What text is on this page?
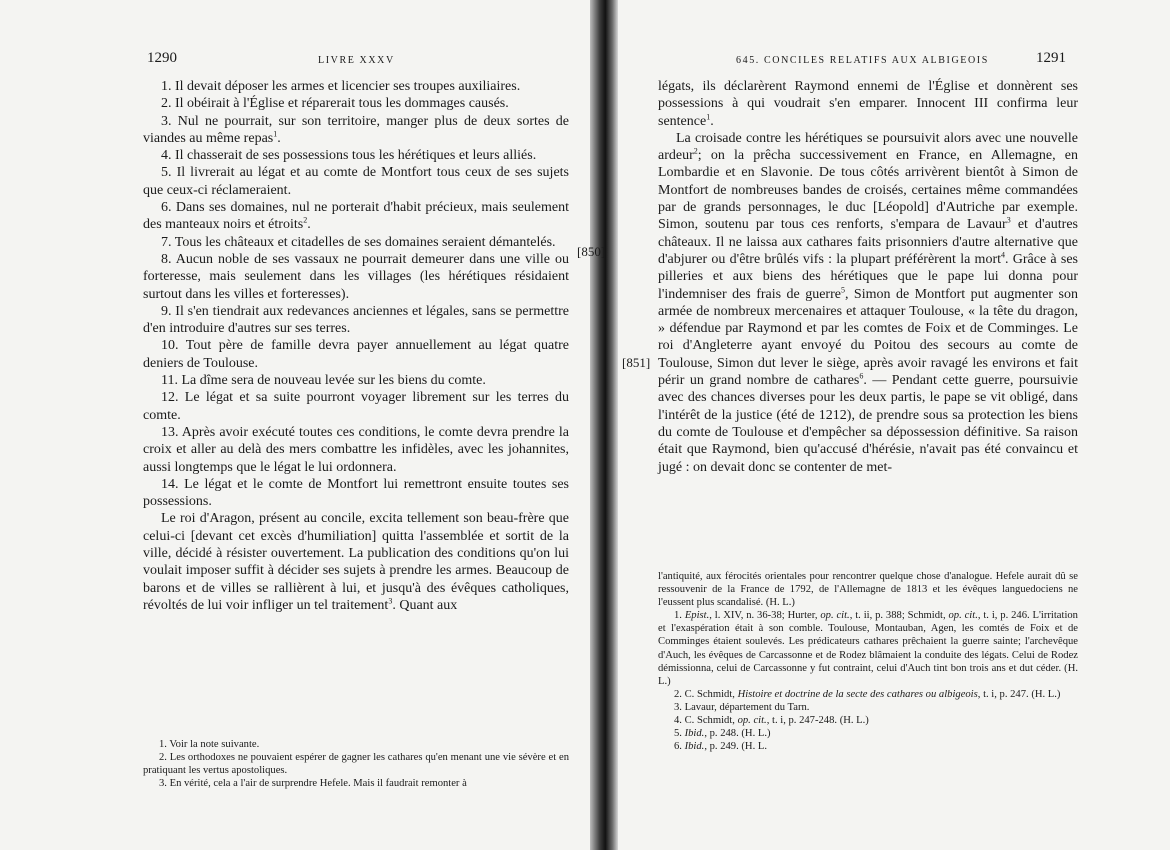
1290	LIVRE XXXV

1. Il devait déposer les armes et licencier ses troupes auxiliaires.

2. Il obéirait à l'Église et réparerait tous les dommages causés.

3. Nul ne pourrait, sur son territoire, manger plus de deux sortes de viandes au même repas$^1$.

4. Il chasserait de ses possessions tous les hérétiques et leurs alliés.

5. Il livrerait au légat et au comte de Montfort tous ceux de ses sujets que ceux-ci réclameraient.

6. Dans ses domaines, nul ne porterait d'habit précieux, mais seulement des manteaux noirs et étroits$^2$.

7. Tous les châteaux et citadelles de ses domaines seraient démantelés.

8. Aucun noble de ses vassaux ne pourrait demeurer dans une ville ou forteresse, mais seulement dans les villages (les hérétiques résidaient surtout dans les villes et forteresses).

9. Il s'en tiendrait aux redevances anciennes et légales, sans se permettre d'en introduire d'autres sur ses terres.

10. Tout père de famille devra payer annuellement au légat quatre deniers de Toulouse.

11. La dîme sera de nouveau levée sur les biens du comte.

12. Le légat et sa suite pourront voyager librement sur les terres du comte.

13. Après avoir exécuté toutes ces conditions, le comte devra prendre la croix et aller au delà des mers combattre les infidèles, avec les johannites, aussi longtemps que le légat le lui ordonnera.

14. Le légat et le comte de Montfort lui remettront ensuite toutes ses possessions.

Le roi d'Aragon, présent au concile, excita tellement son beau-frère que celui-ci [devant cet excès d'humiliation] quitta l'assemblée et sortit de la ville, décidé à résister ouvertement. La publication des conditions qu'on lui voulait imposer suffit à décider ses sujets à prendre les armes. Beaucoup de barons et de villes se rallièrent à lui, et jusqu'à des évêques catholiques, révoltés de lui voir infliger un tel traitement$^3$. Quant aux

1. Voir la note suivante.

2. Les orthodoxes ne pouvaient espérer de gagner les cathares qu'en menant une vie sévère et en pratiquant les vertus apostoliques.

3. En vérité, cela a l'air de surprendre Hefele. Mais il faudrait remonter à

645. CONCILES RELATIFS AUX ALBIGEOIS	1291

légats, ils déclarèrent Raymond ennemi de l'Église et donnèrent ses possessions à qui voudrait s'en emparer. Innocent III confirma leur sentence$^1$.

La croisade contre les hérétiques se poursuivit alors avec une nouvelle ardeur$^2$; on la prêcha successivement en France, en Allemagne, en Lombardie et en Slavonie. De tous côtés arrivèrent bientôt à Simon de Montfort de nombreuses bandes de croisés, certaines même commandées par de grands personnages, le duc [Léopold] d'Autriche par exemple. Simon, soutenu par tous ces renforts, s'empara de Lavaur$^3$ et d'autres châteaux. Il ne laissa aux cathares faits prisonniers d'autre alternative que d'abjurer ou d'être brûlés vifs : la plupart préférèrent la mort$^4$. Grâce à ses pilleries et aux biens des hérétiques que le pape lui donna pour l'indemniser des frais de guerre$^5$, Simon de Montfort put augmenter son armée de nombreux mercenaires et attaquer Toulouse, « la tête du dragon, » défendue par Raymond et par les comtes de Foix et de Comminges. Le roi d'Angleterre ayant envoyé du Poitou des secours au comte de Toulouse, Simon dut lever le siège, après avoir ravagé les environs et fait périr un grand nombre de cathares$^6$. — Pendant cette guerre, poursuivie avec des chances diverses pour les deux partis, le pape se vit obligé, dans l'intérêt de la justice (été de 1212), de prendre sous sa protection les biens du comte de Toulouse et d'empêcher sa dépossession définitive. Sa raison était que Raymond, bien qu'accusé d'hérésie, n'avait pas été convaincu et jugé : on devait donc se contenter de met-

l'antiquité, aux férocités orientales pour rencontrer quelque chose d'analogue. Hefele aurait dû se ressouvenir de la France de 1792, de l'Allemagne de 1813 et les évêques languedociens ne l'eussent plus scandalisé. (H. L.)

1. Epist., l. XIV, n. 36-38; Hurter, op. cit., t. ii, p. 388; Schmidt, op. cit., t. i, p. 246. L'irritation et l'exaspération était à son comble. Toulouse, Montauban, Agen, les comtés de Foix et de Comminges étaient soulevés. Les prédicateurs cathares prêchaient la guerre sainte; l'archevêque d'Auch, les évêques de Carcassonne et de Rodez blâmaient la conduite des légats. Celui de Rodez démissionna, celui de Carcassonne y fut contraint, celui d'Auch tint bon trois ans et dut céder. (H. L.)

2. C. Schmidt, Histoire et doctrine de la secte des cathares ou albigeois, t. i, p. 247. (H. L.)

3. Lavaur, département du Tarn.

4. C. Schmidt, op. cit., t. i, p. 247-248. (H. L.)

5. Ibid., p. 248. (H. L.)

6. Ibid., p. 249. (H. L.

[850]
[851]
